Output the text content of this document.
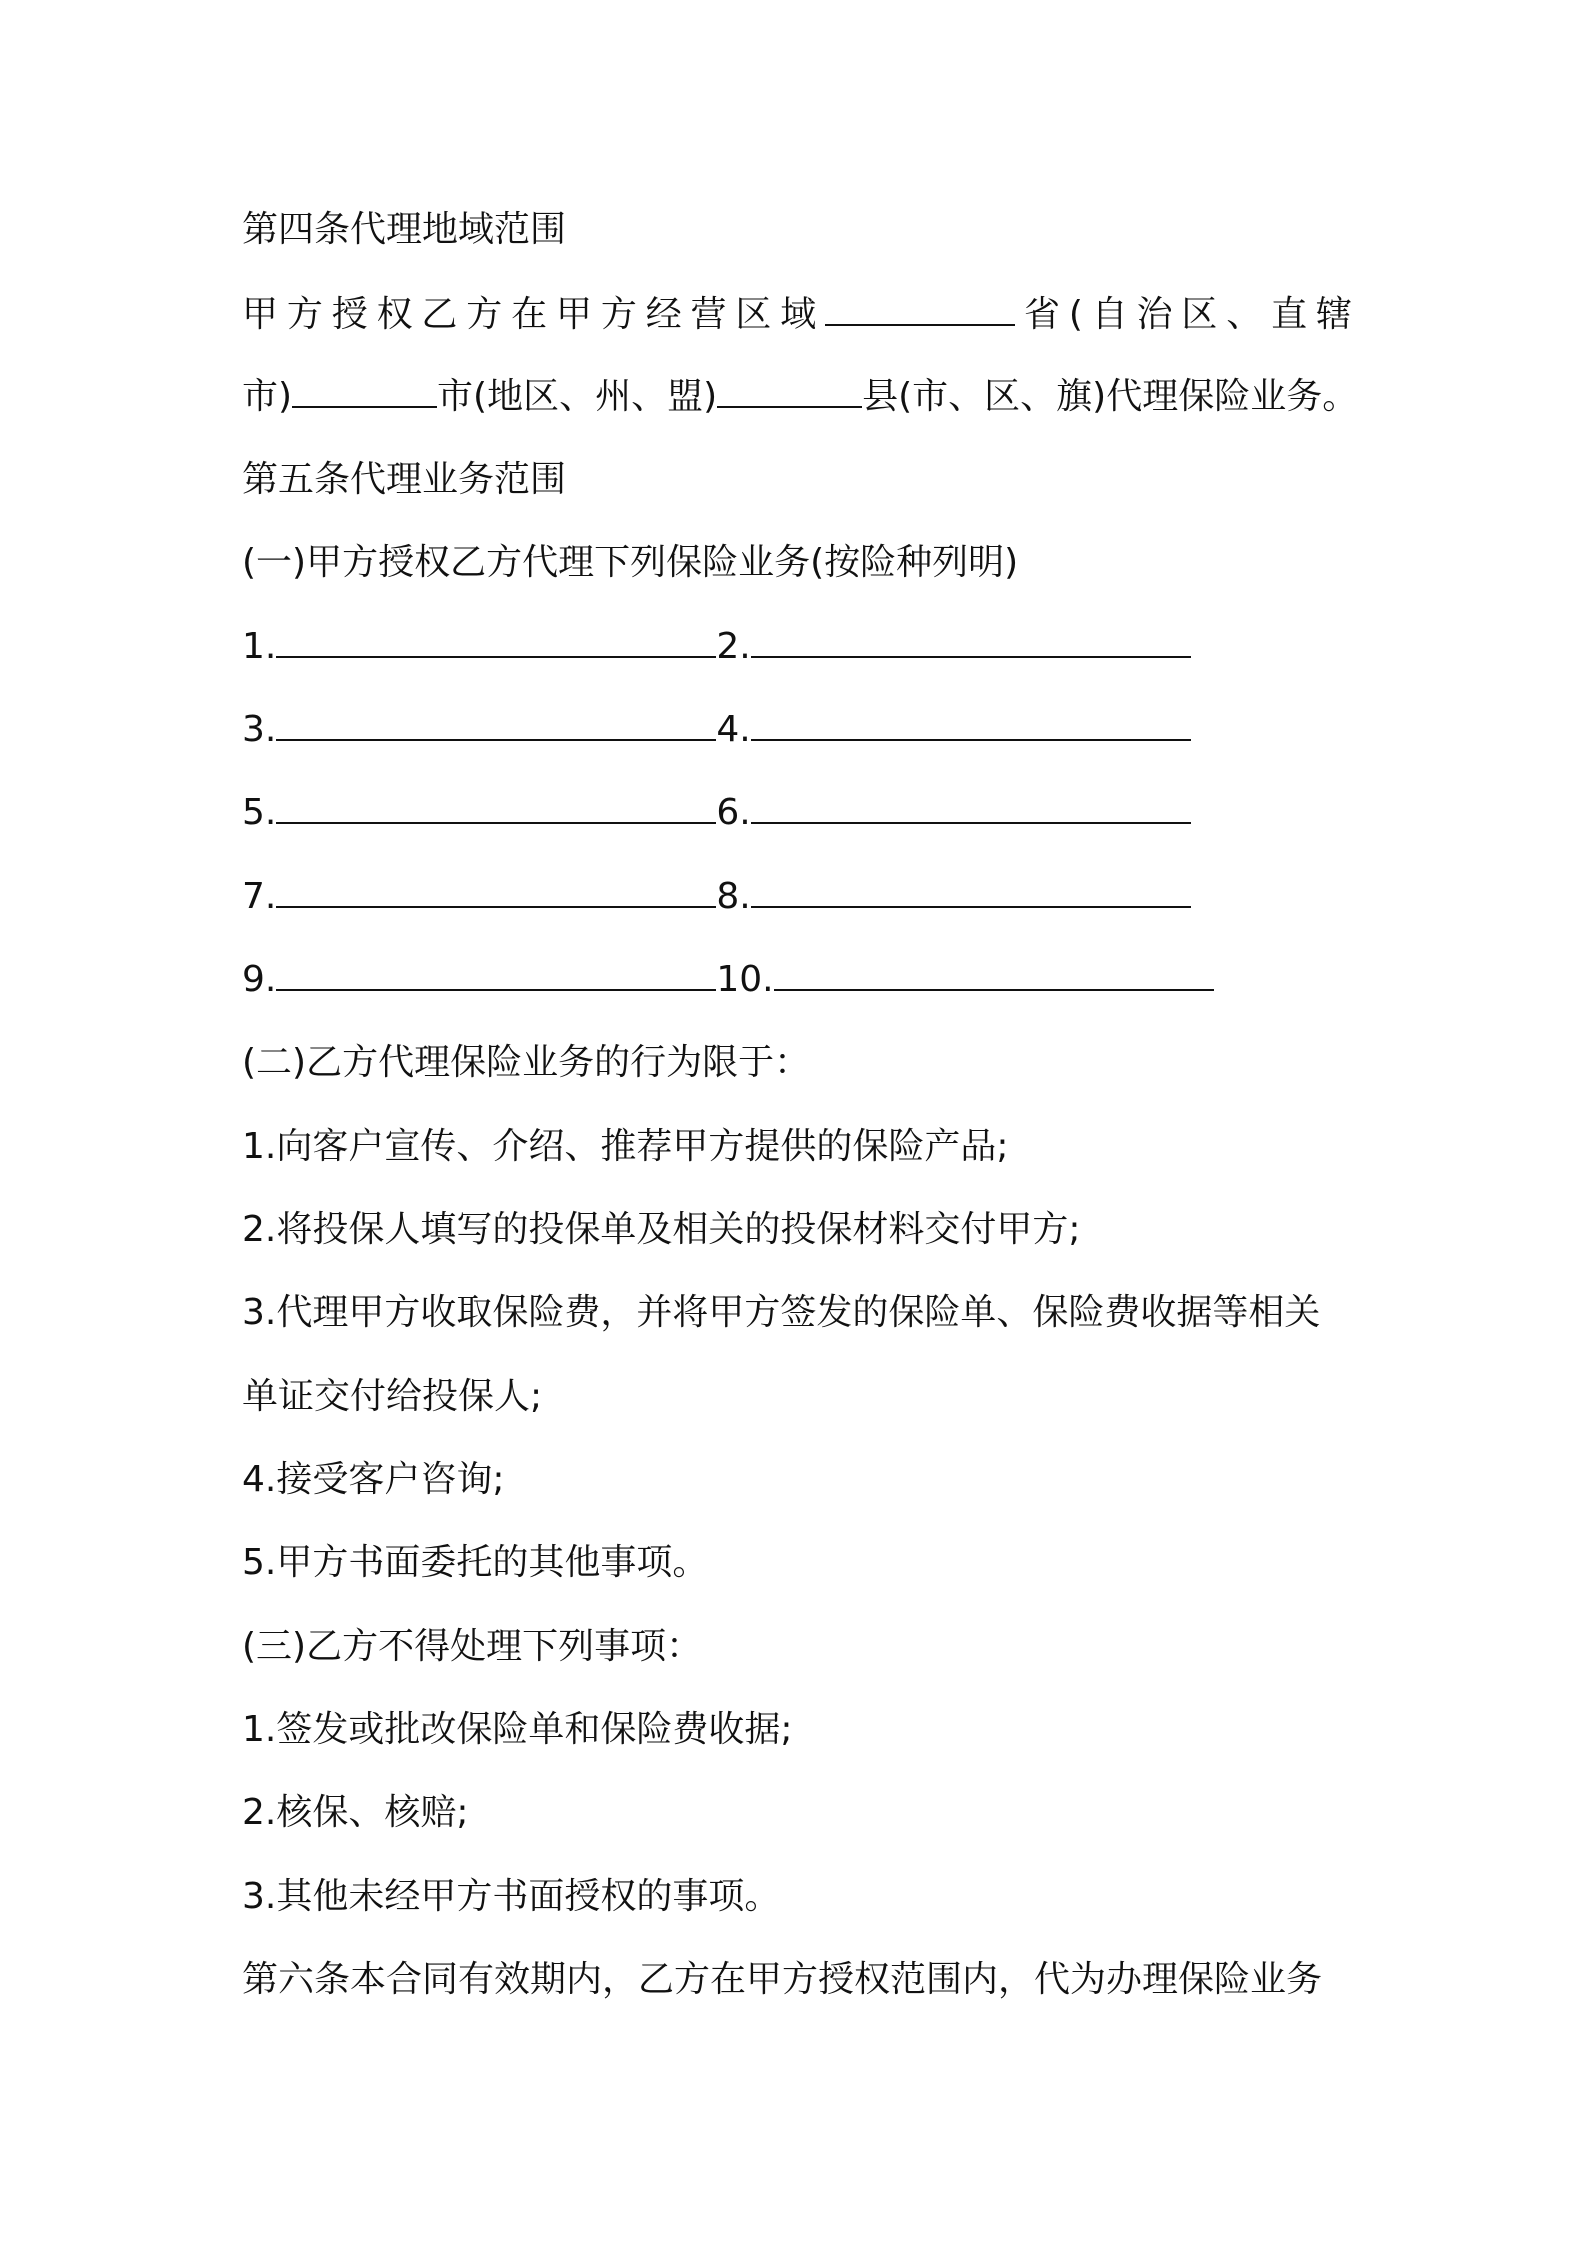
第四条代理地域范围
甲方授权乙方在甲方经营区域	省(自治区、直辖
市)	市(地区、州、盟)	县(市、区、旗)代理保险业务。
第五条代理业务范围
(一)甲方授权乙方代理下列保险业务(按险种列明)
1.	2.
3.	4.
5.	6.
7.	8.
9.	10.
(二)乙方代理保险业务的行为限于：
1.向客户宣传、介绍、推荐甲方提供的保险产品;
2.将投保人填写的投保单及相关的投保材料交付甲方;
3.代理甲方收取保险费，并将甲方签发的保险单、保险费收据等相关
单证交付给投保人;
4.接受客户咨询;
5.甲方书面委托的其他事项。
(三)乙方不得处理下列事项：
1.签发或批改保险单和保险费收据;
2.核保、核赔;
3.其他未经甲方书面授权的事项。
第六条本合同有效期内，乙方在甲方授权范围内，代为办理保险业务
